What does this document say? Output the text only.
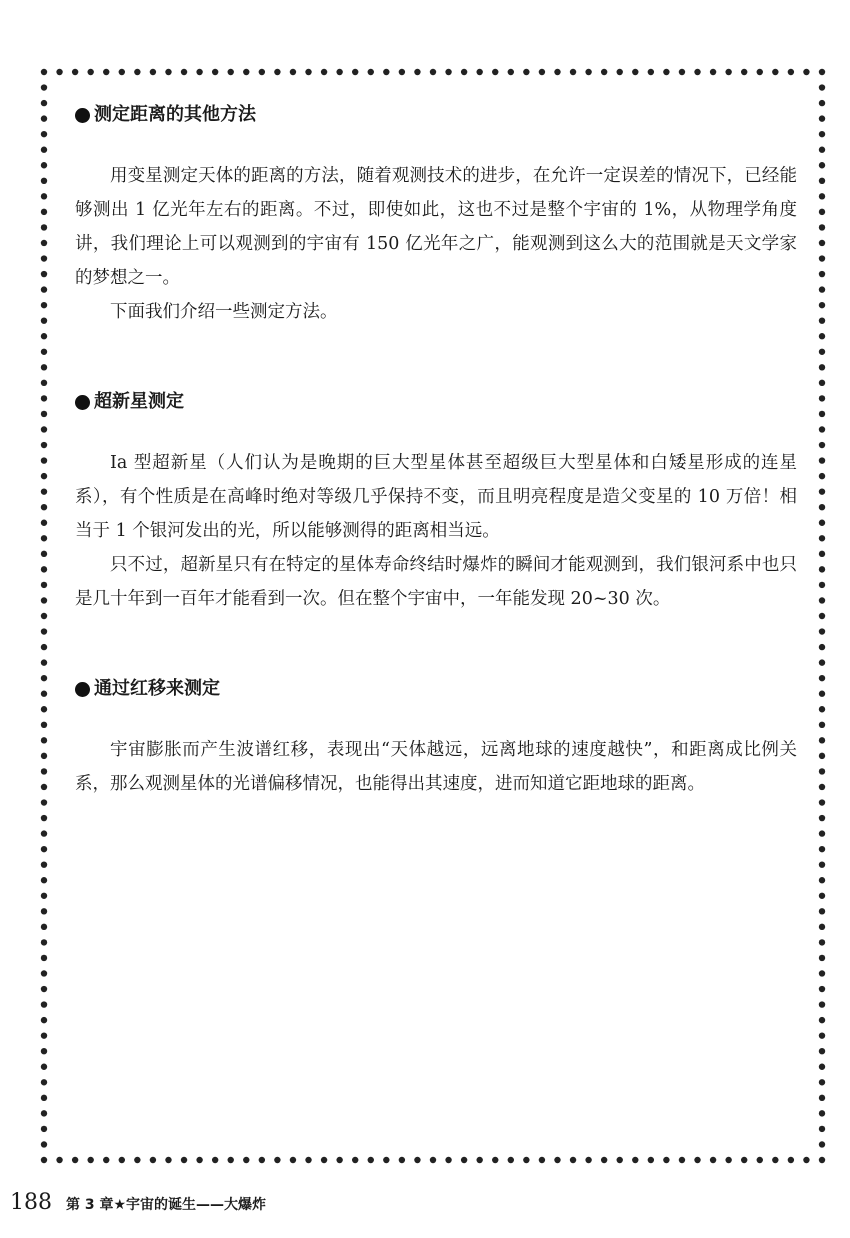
测定距离的其他方法

用变星测定天体的距离的方法，随着观测技术的进步，在允许一定误差的情况下，已经能够测出 1 亿光年左右的距离。不过，即使如此，这也不过是整个宇宙的 1%，从物理学角度讲，我们理论上可以观测到的宇宙有 150 亿光年之广，能观测到这么大的范围就是天文学家的梦想之一。

下面我们介绍一些测定方法。

超新星测定

Ia 型超新星（人们认为是晚期的巨大型星体甚至超级巨大型星体和白矮星形成的连星系），有个性质是在高峰时绝对等级几乎保持不变，而且明亮程度是造父变星的 10 万倍！相当于 1 个银河发出的光，所以能够测得的距离相当远。

只不过，超新星只有在特定的星体寿命终结时爆炸的瞬间才能观测到，我们银河系中也只是几十年到一百年才能看到一次。但在整个宇宙中，一年能发现 20~30 次。

通过红移来测定

宇宙膨胀而产生波谱红移，表现出“天体越远，远离地球的速度越快”，和距离成比例关系，那么观测星体的光谱偏移情况，也能得出其速度，进而知道它距地球的距离。

188 第 3 章★宇宙的诞生——大爆炸
